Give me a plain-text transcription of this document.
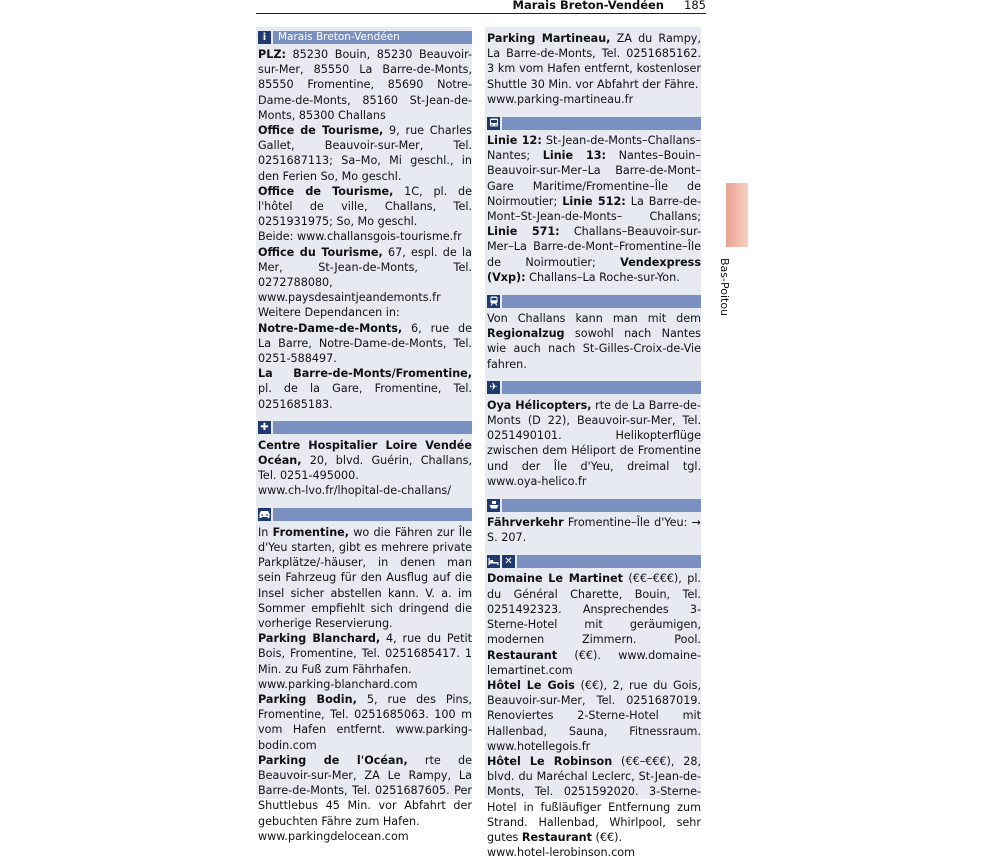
Marais Breton-Vendéen 185
Bas-Poitou
i	Marais Breton-Vendéen

PLZ: 85230 Bouin, 85230 Beauvoir-sur-Mer, 85550 La Barre-de-Monts, 85550 Fromentine, 85690 Notre-Dame-de-Monts, 85160 St-Jean-de-Monts, 85300 Challans

Office de Tourisme, 9, rue Charles Gallet, Beauvoir-sur-Mer, Tel. 0251687113; Sa–Mo, Mi geschl., in den Ferien So, Mo geschl.

Office de Tourisme, 1C, pl. de l'hôtel de ville, Challans, Tel. 0251931975; So, Mo geschl.

Beide: www.challansgois-tourisme.fr

Office du Tourisme, 67, espl. de la Mer, St-Jean-de-Monts, Tel. 0272788080, www.paysdesaintjeandemonts.fr

Weitere Dependancen in:

Notre-Dame-de-Monts, 6, rue de La Barre, Notre-Dame-de-Monts, Tel. 0251-588497.

La Barre-de-Monts/Fromentine, pl. de la Gare, Fromentine, Tel. 0251685183.

✚

Centre Hospitalier Loire Vendée Océan, 20, blvd. Guérin, Challans, Tel. 0251-495000.

www.ch-lvo.fr/lhopital-de-challans/

In Fromentine, wo die Fähren zur Île d'Yeu starten, gibt es mehrere private Parkplätze/-häuser, in denen man sein Fahrzeug für den Ausflug auf die Insel sicher abstellen kann. V. a. im Sommer empfiehlt sich dringend die vorherige Reservierung.

Parking Blanchard, 4, rue du Petit Bois, Fromentine, Tel. 0251685417. 1 Min. zu Fuß zum Fährhafen.

www.parking-blanchard.com

Parking Bodin, 5, rue des Pins, Fromentine, Tel. 0251685063. 100 m vom Hafen entfernt. www.parking-bodin.com

Parking de l'Océan, rte de Beauvoir-sur-Mer, ZA Le Rampy, La Barre-de-Monts, Tel. 0251687605. Per Shuttlebus 45 Min. vor Abfahrt der gebuchten Fähre zum Hafen.

www.parkingdelocean.com

Parking Martineau, ZA du Rampy, La Barre-de-Monts, Tel. 0251685162. 3 km vom Hafen entfernt, kostenloser Shuttle 30 Min. vor Abfahrt der Fähre.

www.parking-martineau.fr

Linie 12: St-Jean-de-Monts–Challans–Nantes; Linie 13: Nantes–Bouin–Beauvoir-sur-Mer–La Barre-de-Mont–Gare Maritime/Fromentine–Île de Noirmoutier; Linie 512: La Barre-de-Mont–St-Jean-de-Monts– Challans; Linie 571: Challans–Beauvoir-sur-Mer–La Barre-de-Mont–Fromentine–Île de Noirmoutier; Vendexpress (Vxp): Challans–La Roche-sur-Yon.

Von Challans kann man mit dem Regionalzug sowohl nach Nantes wie auch nach St-Gilles-Croix-de-Vie fahren.

✈

Oya Hélicopters, rte de La Barre-de-Monts (D 22), Beauvoir-sur-Mer, Tel. 0251490101. Helikopterflüge zwischen dem Héliport de Fromentine und der Île d'Yeu, dreimal tgl. www.oya-helico.fr

Fährverkehr Fromentine–Île d'Yeu: → S. 207.

✕

Domaine Le Martinet (€€–€€€), pl. du Général Charette, Bouin, Tel. 0251492323. Ansprechendes 3-Sterne-Hotel mit geräumigen, modernen Zimmern. Pool. Restaurant (€€). www.domaine-lemartinet.com

Hôtel Le Gois (€€), 2, rue du Gois, Beauvoir-sur-Mer, Tel. 0251687019. Renoviertes 2-Sterne-Hotel mit Hallenbad, Sauna, Fitnessraum. www.hotellegois.fr

Hôtel Le Robinson (€€–€€€), 28, blvd. du Maréchal Leclerc, St-Jean-de-Monts, Tel. 0251592020. 3-Sterne-Hotel in fußläufiger Entfernung zum Strand. Hallenbad, Whirlpool, sehr gutes Restaurant (€€).

www.hotel-lerobinson.com
